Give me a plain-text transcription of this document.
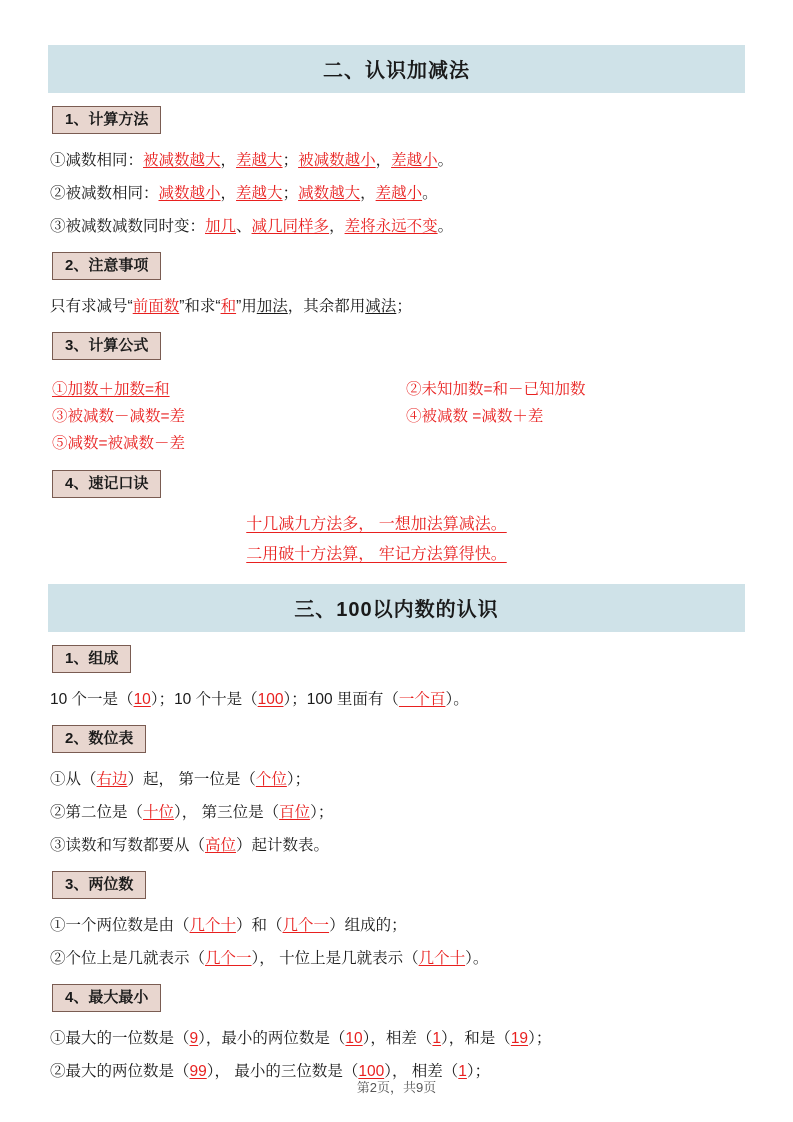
二、认识加减法
1、计算方法
①减数相同：被减数越大，差越大；被减数越小，差越小。
②被减数相同：减数越小，差越大；减数越大，差越小。
③被减数减数同时变：加几、减几同样多，差将永远不变。
2、注意事项
只有求减号“前面数”和求“和”用加法，其余都用减法；
3、计算公式
①加数＋加数=和	②未知加数=和－已知加数
③被减数－减数=差	④被减数 =减数＋差
⑤减数=被减数－差
4、速记口诀
十几减九方法多， 一想加法算减法。
二用破十方法算， 牢记方法算得快。
三、100以内数的认识
1、组成
10 个一是（10）；10 个十是（100）；100 里面有（一个百）。
2、数位表
①从（右边）起， 第一位是（个位）；
②第二位是（十位）， 第三位是（百位）；
③读数和写数都要从（高位）起计数表。
3、两位数
①一个两位数是由（几个十）和（几个一）组成的；
②个位上是几就表示（几个一）， 十位上是几就表示（几个十）。
4、最大最小
①最大的一位数是（9），最小的两位数是（10），相差（1），和是（19）；
②最大的两位数是（99）， 最小的三位数是（100）， 相差（1）；
第2页，共9页
